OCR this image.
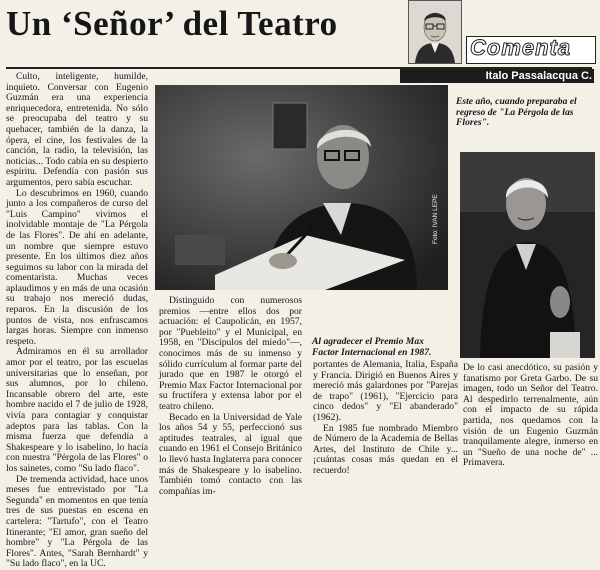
Un ‘Señor’ del Teatro
Comenta
Italo Passalacqua C.

Culto, inteligente, humilde, inquieto. Conversar con Eugenio Guzmán era una experiencia enriquecedora, entretenida. No sólo se preocupaba del teatro y su quehacer, también de la danza, la ópera, el cine, los festivales de la canción, la radio, la televisión, las noticias... Todo cabía en su despierto espíritu. Defendía con pasión sus argumentos, pero sabía escuchar.

Lo descubrimos en 1960, cuando junto a los compañeros de curso del "Luis Campino" vivimos el inolvidable montaje de "La Pérgola de las Flores". De ahí en adelante, un nombre que siempre estuvo presente. En los últimos diez años seguimos su labor con la mirada del comentarista. Muchas veces aplaudimos y en más de una ocasión su trabajo nos mereció dudas, reparos. En la discusión de los puntos de vista, nos enfrascamos largas horas. Siempre con inmenso respeto.

Admiramos en él su arrollador amor por el teatro, por las escuelas universitarias que lo enseñan, por sus alumnos, por lo chileno. Incansable obrero del arte, este hombre nacido el 7 de julio de 1928, vivía para contagiar y conquistar adeptos para las tablas. Con la misma fuerza que defendía a Shakespeare y lo isabelino, lo hacía con nuestra "Pérgola de las Flores" o los sainetes, como "Su lado flaco".

De tremenda actividad, hace unos meses fue entrevistado por "La Segunda" en momentos en que tenía tres de sus puestas en escena en cartelera: "Tartufo", con el Teatro Itinerante; "El amor, gran sueño del hombre" y "La Pérgola de las Flores". Antes, "Sarah Bernhardt" y "Su lado flaco", en la UC.

Foto: IVAN LEPE

Distinguido con numerosos premios —entre ellos dos por actuación: el Caupolicán, en 1957, por "Puebleito" y el Municipal, en 1958, en "Discípulos del miedo"—, conocimos más de su inmenso y sólido currículum al formar parte del jurado que en 1987 le otorgó el Premio Max Factor Internacional por su fructífera y extensa labor por el teatro chileno.

Becado en la Universidad de Yale los años 54 y 55, perfeccionó sus aptitudes teatrales, al igual que cuando en 1961 el Consejo Británico lo llevó hasta Inglaterra para conocer más de Shakespeare y lo isabelino. También tomó contacto con las compañías im-

Al agradecer el Premio Max Factor Internacional en 1987.

portantes de Alemania, Italia, España y Francia. Dirigió en Buenos Aires y mereció más galardones por "Parejas de trapo" (1961), "Ejercicio para cinco dedos" y "El abanderado" (1962).

En 1985 fue nombrado Miembro de Número de la Academia de Bellas Artes, del Instituto de Chile y... ¡cuántas cosas más quedan en el recuerdo!

Este año, cuando preparaba el regreso de "La Pérgola de las Flores".

De lo casi anecdótico, su pasión y fanatismo por Greta Garbo. De su imagen, todo un Señor del Teatro. Al despedirlo terrenalmente, aún con el impacto de su rápida partida, nos quedamos con la visión de un Eugenio Guzmán tranquilamente alegre, inmerso en un "Sueño de una noche de" ... Primavera.
